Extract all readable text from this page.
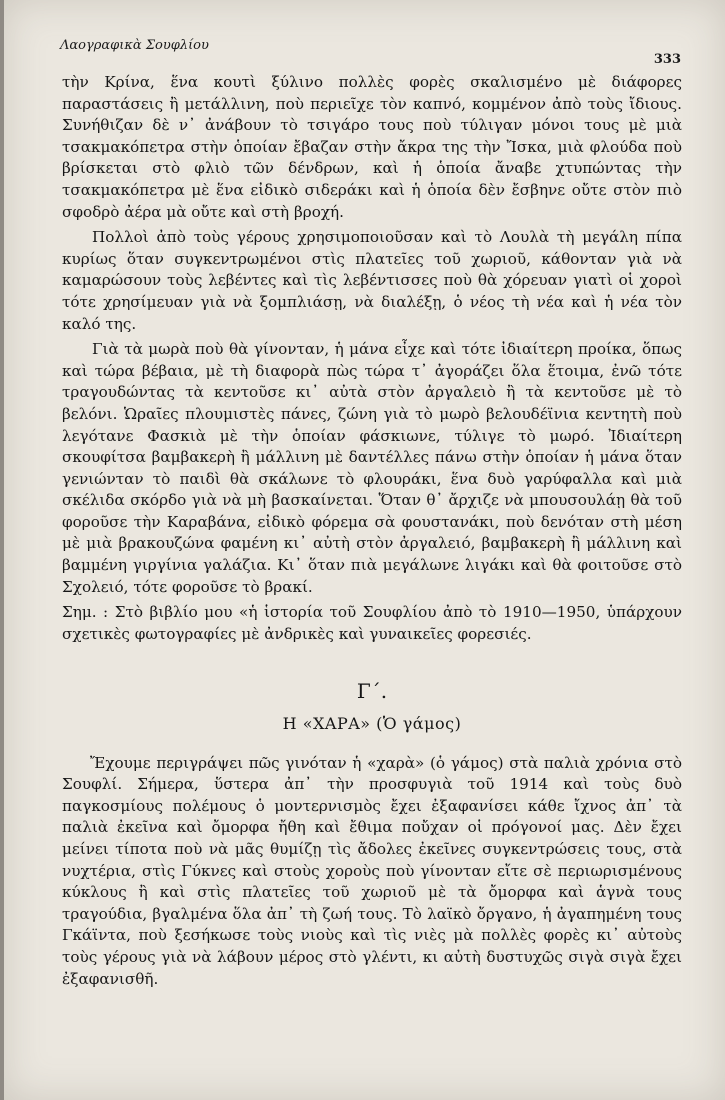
Λαογραφικὰ Σουφλίου
333

τὴν Κρίνα, ἕνα κουτὶ ξύλινο πολλὲς φορὲς σκαλισμένο μὲ διάφορες παραστάσεις ἢ μετάλλινη, ποὺ περιεῖχε τὸν καπνό, κομμένον ἀπὸ τοὺς ἴδιους. Συνήθιζαν δὲ ν᾽ ἀνάβουν τὸ τσιγάρο τους ποὺ τύλιγαν μόνοι τους μὲ μιὰ τσακμακόπετρα στὴν ὁποίαν ἔβαζαν στὴν ἄκρα της τὴν Ἴσκα, μιὰ φλούδα ποὺ βρίσκεται στὸ φλιὸ τῶν δένδρων, καὶ ἡ ὁποία ἄναβε χτυπώντας τὴν τσακμακόπετρα μὲ ἕνα εἰδικὸ σιδεράκι καὶ ἡ ὁποία δὲν ἔσβηνε οὔτε στὸν πιὸ σφοδρὸ ἀέρα μὰ οὔτε καὶ στὴ βροχή.

Πολλοὶ ἀπὸ τοὺς γέρους χρησιμοποιοῦσαν καὶ τὸ Λουλὰ τὴ μεγάλη πίπα κυρίως ὅταν συγκεντρωμένοι στὶς πλατεῖες τοῦ χωριοῦ, κάθονταν γιὰ νὰ καμαρώσουν τοὺς λεβέντες καὶ τὶς λεβέντισσες ποὺ θὰ χόρευαν γιατὶ οἱ χοροὶ τότε χρησίμευαν γιὰ νὰ ξομπλιάσῃ, νὰ διαλέξῃ, ὁ νέος τὴ νέα καὶ ἡ νέα τὸν καλό της.

Γιὰ τὰ μωρὰ ποὺ θὰ γίνονταν, ἡ μάνα εἶχε καὶ τότε ἰδιαίτερη προίκα, ὅπως καὶ τώρα βέβαια, μὲ τὴ διαφορὰ πὼς τώρα τ᾽ ἀγοράζει ὅλα ἕτοιμα, ἐνῶ τότε τραγουδώντας τὰ κεντοῦσε κι᾽ αὐτὰ στὸν ἀργαλειὸ ἢ τὰ κεντοῦσε μὲ τὸ βελόνι. Ὡραῖες πλουμιστὲς πάνες, ζώνη γιὰ τὸ μωρὸ βελουδέϊνια κεντητὴ ποὺ λεγότανε Φασκιὰ μὲ τὴν ὁποίαν φάσκιωνε, τύλιγε τὸ μωρό. Ἰδιαίτερη σκουφίτσα βαμβακερὴ ἢ μάλλινη μὲ δαντέλλες πάνω στὴν ὁποίαν ἡ μάνα ὅταν γενιώνταν τὸ παιδὶ θὰ σκάλωνε τὸ φλουράκι, ἕνα δυὸ γαρύφαλλα καὶ μιὰ σκέλιδα σκόρδο γιὰ νὰ μὴ βασκαίνεται. Ὅταν θ᾽ ἄρχιζε νὰ μπουσουλάῃ θὰ τοῦ φοροῦσε τὴν Καραβάνα, εἰδικὸ φόρεμα σὰ φουστανάκι, ποὺ δενόταν στὴ μέση μὲ μιὰ βρακουζώνα φαμένη κι᾽ αὐτὴ στὸν ἀργαλειό, βαμβακερὴ ἢ μάλλινη καὶ βαμμένη γιργίνια γαλάζια. Κι᾽ ὅταν πιὰ μεγάλωνε λιγάκι καὶ θὰ φοιτοῦσε στὸ Σχολειό, τότε φοροῦσε τὸ βρακί.

Σημ. : Στὸ βιβλίο μου «ἡ ἱστορία τοῦ Σουφλίου ἀπὸ τὸ 1910—1950, ὑπάρχουν σχετικὲς φωτογραφίες μὲ ἀνδρικὲς καὶ γυναικεῖες φορεσιές.

Γ΄.
Η «ΧΑΡΑ» (Ὁ γάμος)

Ἔχουμε περιγράψει πῶς γινόταν ἡ «χαρὰ» (ὁ γάμος) στὰ παλιὰ χρόνια στὸ Σουφλί. Σήμερα, ὕστερα ἀπ᾽ τὴν προσφυγιὰ τοῦ 1914 καὶ τοὺς δυὸ παγκοσμίους πολέμους ὁ μοντερνισμὸς ἔχει ἐξαφανίσει κάθε ἴχνος ἀπ᾽ τὰ παλιὰ ἐκεῖνα καὶ ὄμορφα ἤθη καὶ ἔθιμα ποὔχαν οἱ πρόγονοί μας. Δὲν ἔχει μείνει τίποτα ποὺ νὰ μᾶς θυμίζῃ τὶς ἄδολες ἐκεῖνες συγκεντρώσεις τους, στὰ νυχτέρια, στὶς Γύκνες καὶ στοὺς χοροὺς ποὺ γίνονταν εἴτε σὲ περιωρισμένους κύκλους ἢ καὶ στὶς πλατεῖες τοῦ χωριοῦ μὲ τὰ ὄμορφα καὶ ἁγνὰ τους τραγούδια, βγαλμένα ὅλα ἀπ᾽ τὴ ζωή τους. Τὸ λαϊκὸ ὄργανο, ἡ ἀγαπημένη τους Γκάϊντα, ποὺ ξεσήκωσε τοὺς νιοὺς καὶ τὶς νιὲς μὰ πολλὲς φορὲς κι᾽ αὐτοὺς τοὺς γέρους γιὰ νὰ λάβουν μέρος στὸ γλέντι, κι αὐτὴ δυστυχῶς σιγὰ σιγὰ ἔχει ἐξαφανισθῆ.
